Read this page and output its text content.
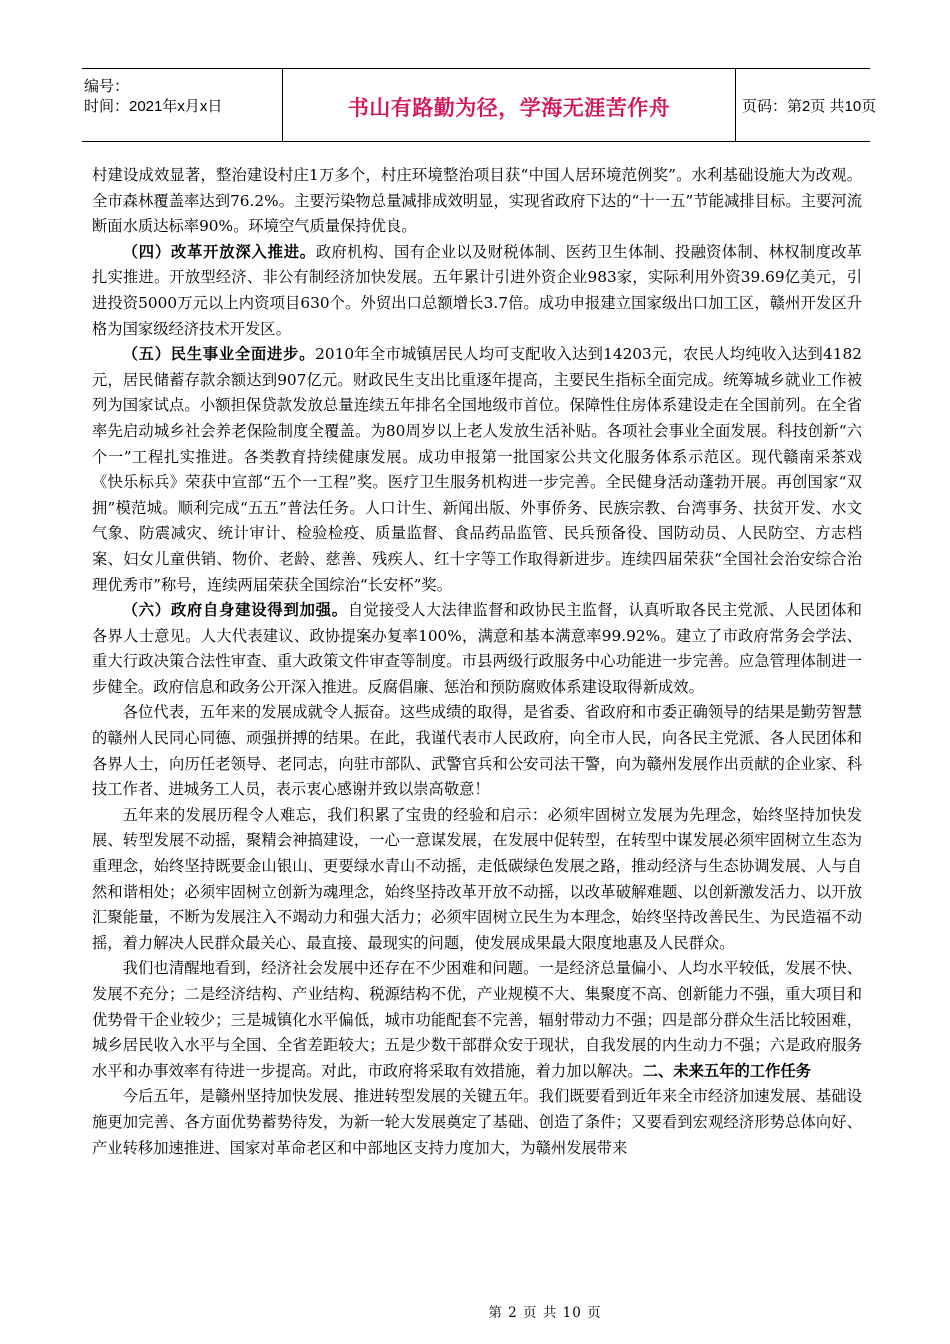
编号：
时间：2021年x月x日	书山有路勤为径，学海无涯苦作舟	页码：第2页 共10页

村建设成效显著，整治建设村庄1万多个，村庄环境整治项目获“中国人居环境范例奖”。水利基础设施大为改观。全市森林覆盖率达到76.2%。主要污染物总量减排成效明显，实现省政府下达的“十一五”节能减排目标。主要河流断面水质达标率90%。环境空气质量保持优良。

（四）改革开放深入推进。政府机构、国有企业以及财税体制、医药卫生体制、投融资体制、林权制度改革扎实推进。开放型经济、非公有制经济加快发展。五年累计引进外资企业983家，实际利用外资39.69亿美元，引进投资5000万元以上内资项目630个。外贸出口总额增长3.7倍。成功申报建立国家级出口加工区，赣州开发区升格为国家级经济技术开发区。

（五）民生事业全面进步。2010年全市城镇居民人均可支配收入达到14203元，农民人均纯收入达到4182元，居民储蓄存款余额达到907亿元。财政民生支出比重逐年提高，主要民生指标全面完成。统筹城乡就业工作被列为国家试点。小额担保贷款发放总量连续五年排名全国地级市首位。保障性住房体系建设走在全国前列。在全省率先启动城乡社会养老保险制度全覆盖。为80周岁以上老人发放生活补贴。各项社会事业全面发展。科技创新“六个一”工程扎实推进。各类教育持续健康发展。成功申报第一批国家公共文化服务体系示范区。现代赣南采茶戏《快乐标兵》荣获中宣部“五个一工程”奖。医疗卫生服务机构进一步完善。全民健身活动蓬勃开展。再创国家“双拥”模范城。顺利完成“五五”普法任务。人口计生、新闻出版、外事侨务、民族宗教、台湾事务、扶贫开发、水文气象、防震减灾、统计审计、检验检疫、质量监督、食品药品监管、民兵预备役、国防动员、人民防空、方志档案、妇女儿童供销、物价、老龄、慈善、残疾人、红十字等工作取得新进步。连续四届荣获“全国社会治安综合治理优秀市”称号，连续两届荣获全国综治“长安杯”奖。

（六）政府自身建设得到加强。自觉接受人大法律监督和政协民主监督，认真听取各民主党派、人民团体和各界人士意见。人大代表建议、政协提案办复率100%，满意和基本满意率99.92%。建立了市政府常务会学法、重大行政决策合法性审查、重大政策文件审查等制度。市县两级行政服务中心功能进一步完善。应急管理体制进一步健全。政府信息和政务公开深入推进。反腐倡廉、惩治和预防腐败体系建设取得新成效。

各位代表，五年来的发展成就令人振奋。这些成绩的取得，是省委、省政府和市委正确领导的结果是勤劳智慧的赣州人民同心同德、顽强拼搏的结果。在此，我谨代表市人民政府，向全市人民，向各民主党派、各人民团体和各界人士，向历任老领导、老同志，向驻市部队、武警官兵和公安司法干警，向为赣州发展作出贡献的企业家、科技工作者、进城务工人员，表示衷心感谢并致以崇高敬意！

五年来的发展历程令人难忘，我们积累了宝贵的经验和启示：必须牢固树立发展为先理念，始终坚持加快发展、转型发展不动摇，聚精会神搞建设，一心一意谋发展，在发展中促转型，在转型中谋发展必须牢固树立生态为重理念，始终坚持既要金山银山、更要绿水青山不动摇，走低碳绿色发展之路，推动经济与生态协调发展、人与自然和谐相处；必须牢固树立创新为魂理念，始终坚持改革开放不动摇，以改革破解难题、以创新激发活力、以开放汇聚能量，不断为发展注入不竭动力和强大活力；必须牢固树立民生为本理念，始终坚持改善民生、为民造福不动摇，着力解决人民群众最关心、最直接、最现实的问题，使发展成果最大限度地惠及人民群众。

我们也清醒地看到，经济社会发展中还存在不少困难和问题。一是经济总量偏小、人均水平较低，发展不快、发展不充分；二是经济结构、产业结构、税源结构不优，产业规模不大、集聚度不高、创新能力不强，重大项目和优势骨干企业较少；三是城镇化水平偏低，城市功能配套不完善，辐射带动力不强；四是部分群众生活比较困难，城乡居民收入水平与全国、全省差距较大；五是少数干部群众安于现状，自我发展的内生动力不强；六是政府服务水平和办事效率有待进一步提高。对此，市政府将采取有效措施，着力加以解决。二、未来五年的工作任务

今后五年，是赣州坚持加快发展、推进转型发展的关键五年。我们既要看到近年来全市经济加速发展、基础设施更加完善、各方面优势蓄势待发，为新一轮大发展奠定了基础、创造了条件；又要看到宏观经济形势总体向好、产业转移加速推进、国家对革命老区和中部地区支持力度加大，为赣州发展带来

第 2 页 共 10 页
